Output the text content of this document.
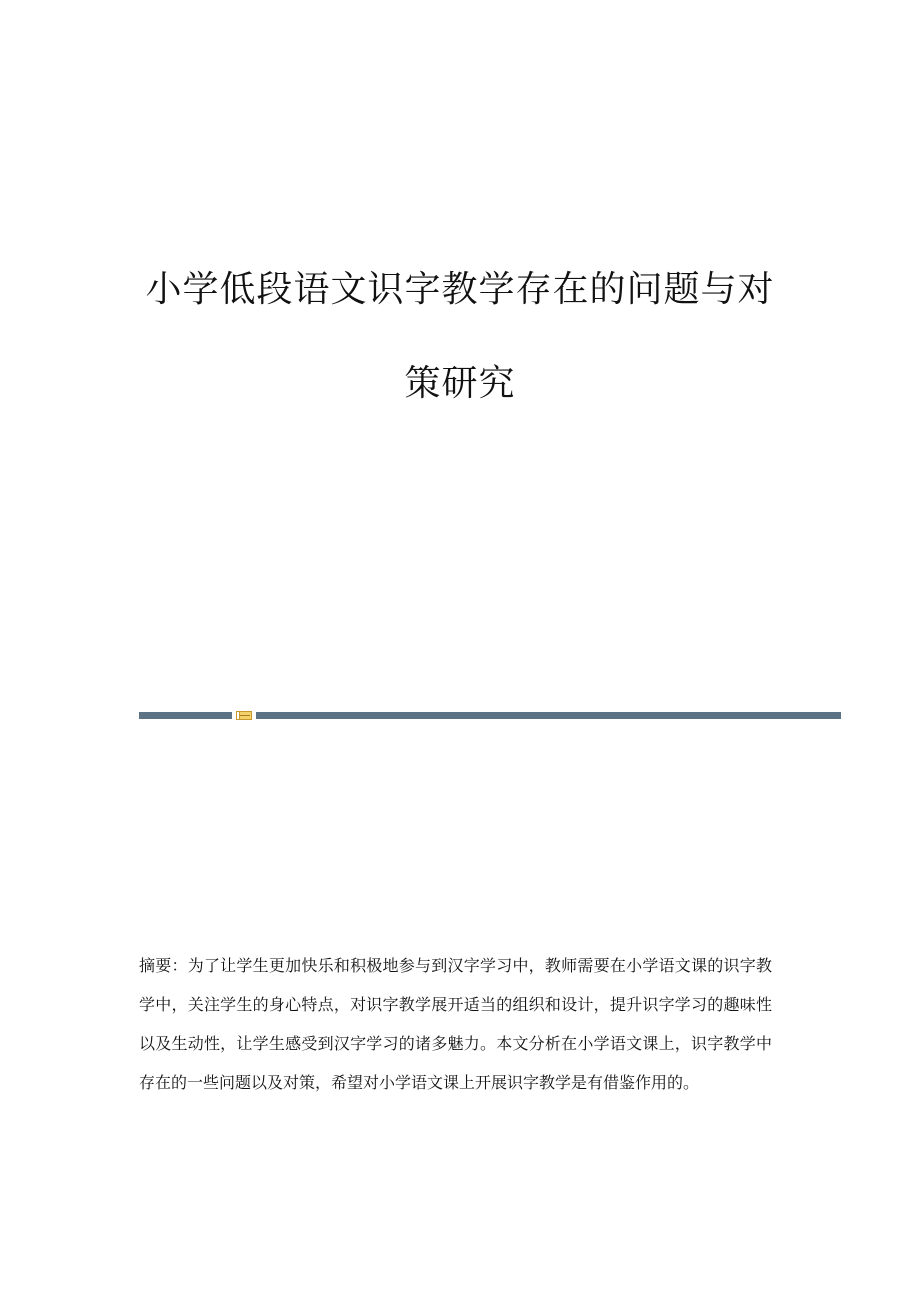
小学低段语文识字教学存在的问题与对
策研究
摘要：为了让学生更加快乐和积极地参与到汉字学习中，教师需要在小学语文课的识字教学中，关注学生的身心特点，对识字教学展开适当的组织和设计，提升识字学习的趣味性以及生动性，让学生感受到汉字学习的诸多魅力。本文分析在小学语文课上，识字教学中存在的一些问题以及对策，希望对小学语文课上开展识字教学是有借鉴作用的。
